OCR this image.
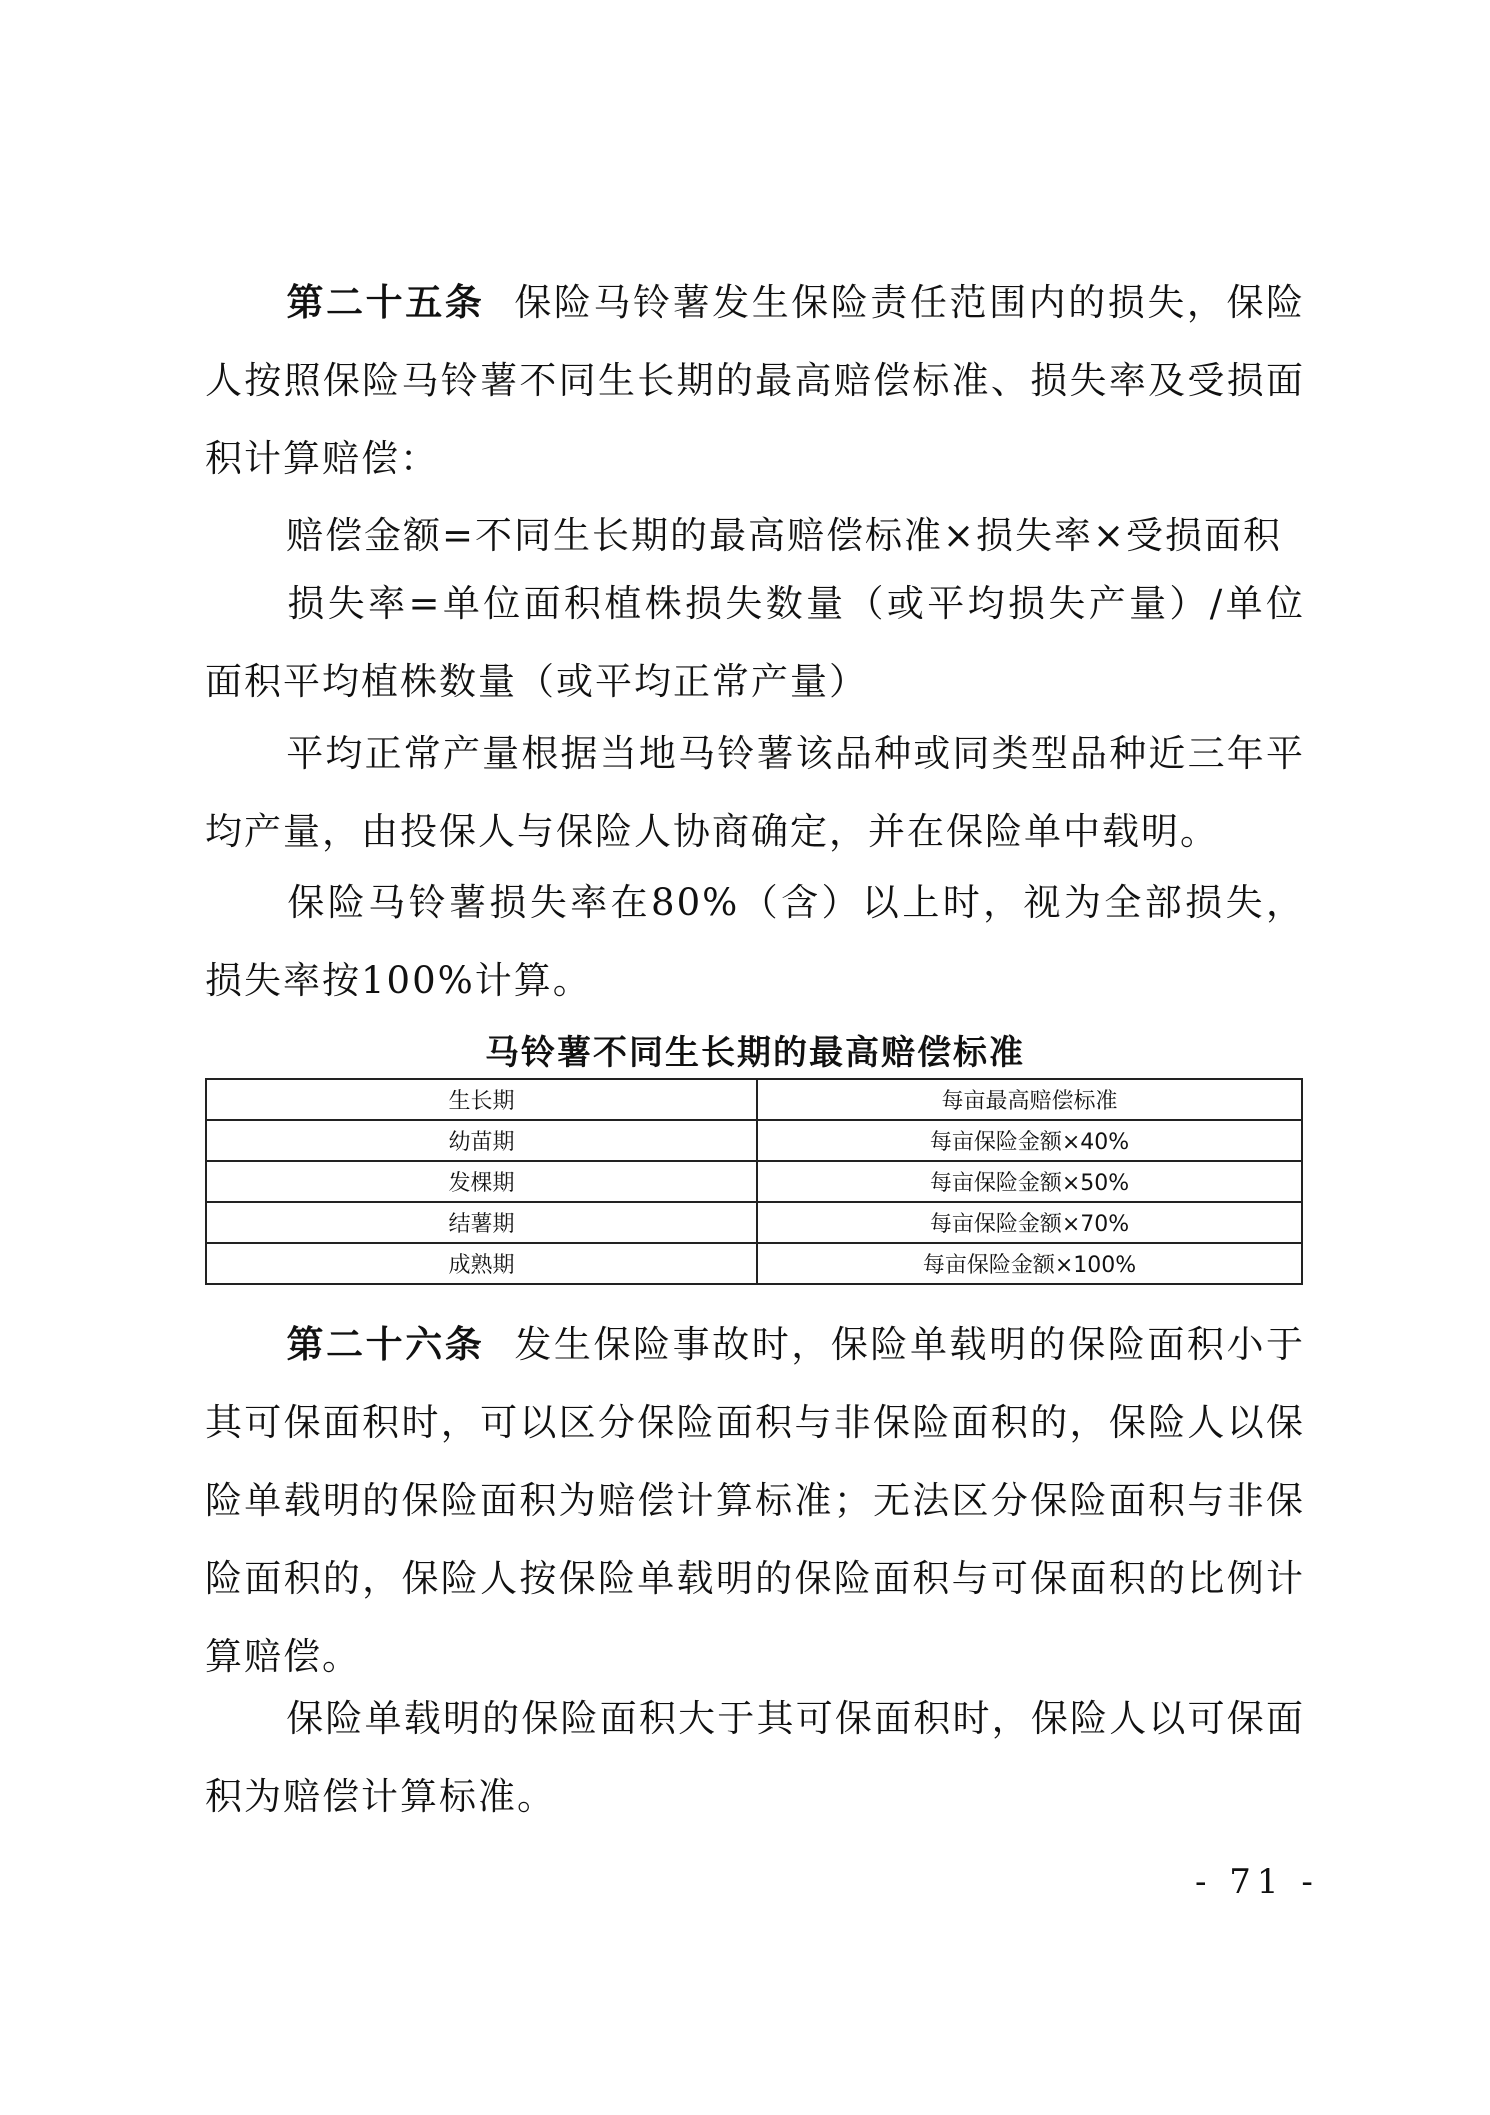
第二十五条 保险马铃薯发生保险责任范围内的损失，保险人按照保险马铃薯不同生长期的最高赔偿标准、损失率及受损面积计算赔偿：

赔偿金额=不同生长期的最高赔偿标准×损失率×受损面积

损失率=单位面积植株损失数量（或平均损失产量）/单位面积平均植株数量（或平均正常产量）

平均正常产量根据当地马铃薯该品种或同类型品种近三年平均产量，由投保人与保险人协商确定，并在保险单中载明。

保险马铃薯损失率在80%（含）以上时，视为全部损失，损失率按100%计算。

马铃薯不同生长期的最高赔偿标准
生长期	每亩最高赔偿标准
幼苗期	每亩保险金额×40%
发棵期	每亩保险金额×50%
结薯期	每亩保险金额×70%
成熟期	每亩保险金额×100%

第二十六条 发生保险事故时，保险单载明的保险面积小于其可保面积时，可以区分保险面积与非保险面积的，保险人以保险单载明的保险面积为赔偿计算标准；无法区分保险面积与非保险面积的，保险人按保险单载明的保险面积与可保面积的比例计算赔偿。

保险单载明的保险面积大于其可保面积时，保险人以可保面积为赔偿计算标准。

- 71 -
